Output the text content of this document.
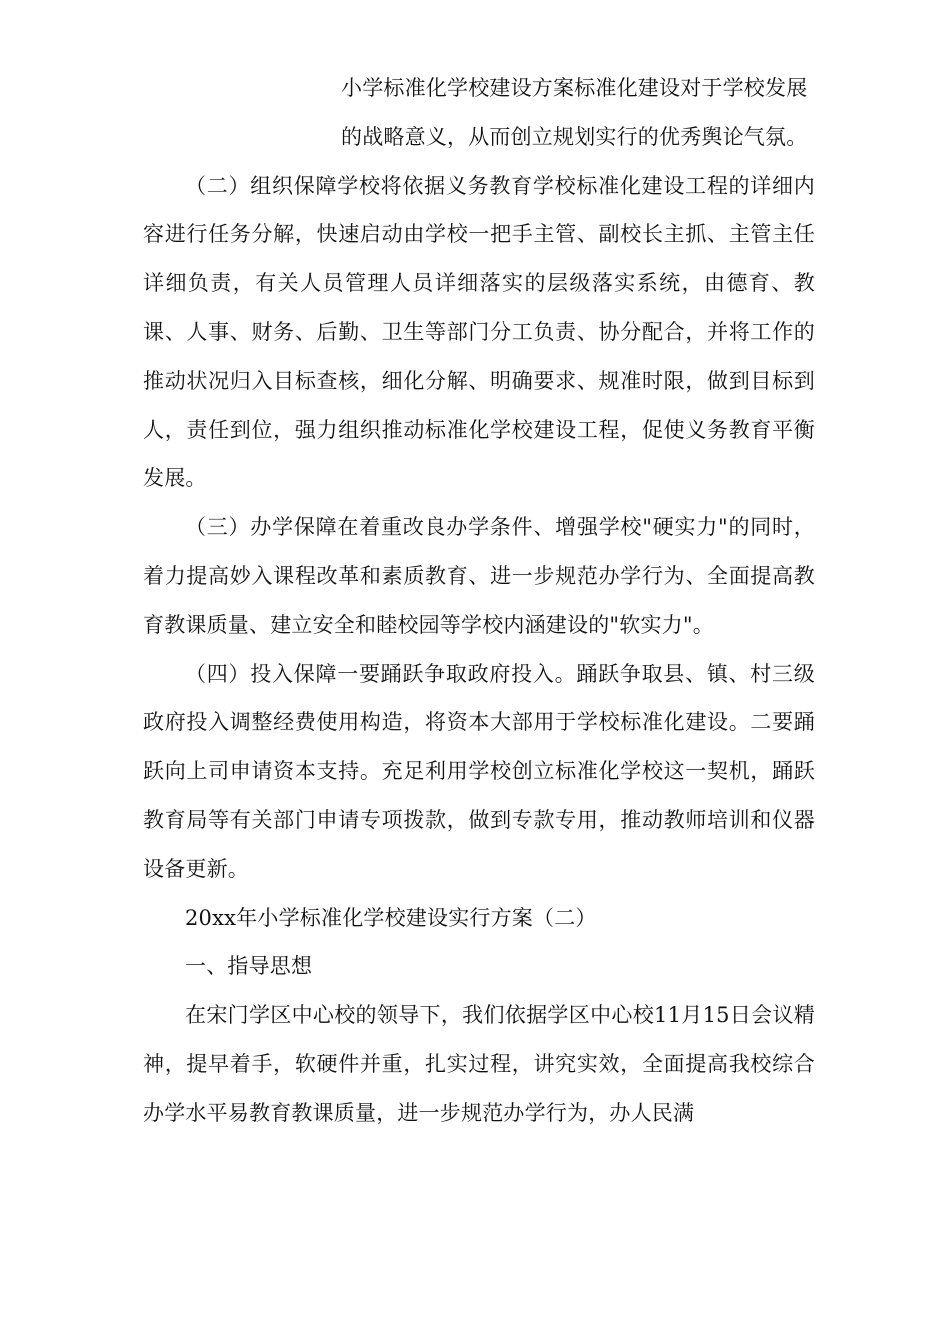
小学标准化学校建设方案标准化建设对于学校发展的战略意义，从而创立规划实行的优秀舆论气氛。

（二）组织保障学校将依据义务教育学校标准化建设工程的详细内容进行任务分解，快速启动由学校一把手主管、副校长主抓、主管主任详细负责，有关人员管理人员详细落实的层级落实系统，由德育、教课、人事、财务、后勤、卫生等部门分工负责、协分配合，并将工作的推动状况归入目标查核，细化分解、明确要求、规准时限，做到目标到人，责任到位，强力组织推动标准化学校建设工程，促使义务教育平衡发展。

（三）办学保障在着重改良办学条件、增强学校"硬实力"的同时，着力提高妙入课程改革和素质教育、进一步规范办学行为、全面提高教育教课质量、建立安全和睦校园等学校内涵建设的"软实力"。

（四）投入保障一要踊跃争取政府投入。踊跃争取县、镇、村三级政府投入调整经费使用构造，将资本大部用于学校标准化建设。二要踊跃向上司申请资本支持。充足利用学校创立标准化学校这一契机，踊跃教育局等有关部门申请专项拨款，做到专款专用，推动教师培训和仪器设备更新。

20xx年小学标准化学校建设实行方案（二）

一、指导思想

在宋门学区中心校的领导下，我们依据学区中心校11月15日会议精神，提早着手，软硬件并重，扎实过程，讲究实效，全面提高我校综合办学水平易教育教课质量，进一步规范办学行为，办人民满
